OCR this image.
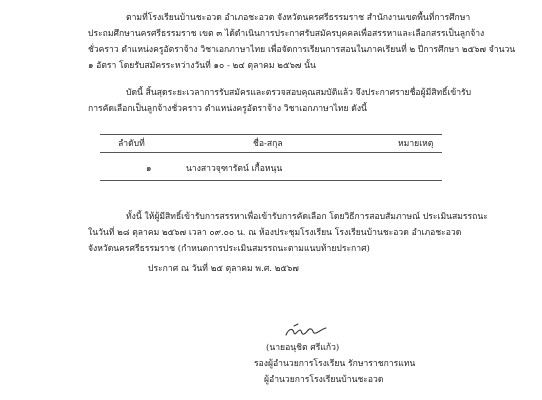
ตามที่โรงเรียนบ้านชะอวด อำเภอชะอวด จังหวัดนครศรีธรรมราช สำนักงานเขตพื้นที่การศึกษา
ประถมศึกษานครศรีธรรมราช เขต ๓ ได้ดำเนินการประกาศรับสมัครบุคคลเพื่อสรรหาและเลือกสรรเป็นลูกจ้าง
ชั่วคราว ตำแหน่งครูอัตราจ้าง วิชาเอกภาษาไทย เพื่อจัดการเรียนการสอนในภาคเรียนที่ ๒ ปีการศึกษา ๒๕๖๗ จำนวน
๑ อัตรา โดยรับสมัครระหว่างวันที่ ๑๐ - ๒๔ ตุลาคม ๒๕๖๗ นั้น
บัดนี้ สิ้นสุดระยะเวลาการรับสมัครและตรวจสอบคุณสมบัติแล้ว จึงประกาศรายชื่อผู้มีสิทธิ์เข้ารับ
การคัดเลือกเป็นลูกจ้างชั่วคราว ตำแหน่งครูอัตราจ้าง วิชาเอกภาษาไทย ดังนี้
ลำดับที่	ชื่อ-สกุล	หมายเหตุ
๑	นางสาวจุฑารัตน์ เกื้อหนุน
ทั้งนี้ ให้ผู้มีสิทธิ์เข้ารับการสรรหาเพื่อเข้ารับการคัดเลือก โดยวิธีการสอบสัมภาษณ์ ประเมินสมรรถนะ
ในวันที่ ๒๘ ตุลาคม ๒๕๖๗ เวลา ๐๙.๐๐ น. ณ ห้องประชุมโรงเรียน โรงเรียนบ้านชะอวด อำเภอชะอวด
จังหวัดนครศรีธรรมราช (กำหนดการประเมินสมรรถนะตามแนบท้ายประกาศ)
ประกาศ ณ วันที่ ๒๕ ตุลาคม พ.ศ. ๒๕๖๗
(นายอนุชิต ศรีแก้ว)
รองผู้อำนวยการโรงเรียน รักษาราชการแทน
ผู้อำนวยการโรงเรียนบ้านชะอวด
